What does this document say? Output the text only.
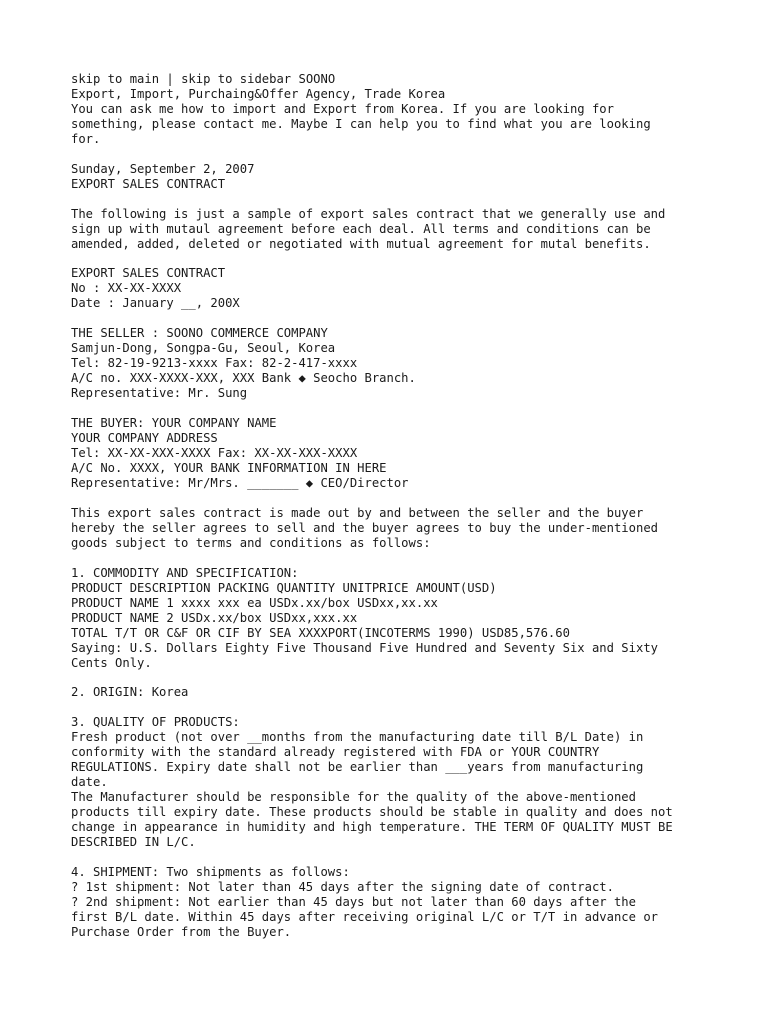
skip to main | skip to sidebar SOONO
Export, Import, Purchaing&Offer Agency, Trade Korea
You can ask me how to import and Export from Korea. If you are looking for
something, please contact me. Maybe I can help you to find what you are looking
for.
Sunday, September 2, 2007
EXPORT SALES CONTRACT
The following is just a sample of export sales contract that we generally use and
sign up with mutaul agreement before each deal. All terms and conditions can be
amended, added, deleted or negotiated with mutual agreement for mutal benefits.
EXPORT SALES CONTRACT
No : XX-XX-XXXX
Date : January __, 200X
THE SELLER : SOONO COMMERCE COMPANY
Samjun-Dong, Songpa-Gu, Seoul, Korea
Tel: 82-19-9213-xxxx Fax: 82-2-417-xxxx
A/C no. XXX-XXXX-XXX, XXX Bank ◆ Seocho Branch.
Representative: Mr. Sung
THE BUYER: YOUR COMPANY NAME
YOUR COMPANY ADDRESS
Tel: XX-XX-XXX-XXXX Fax: XX-XX-XXX-XXXX
A/C No. XXXX, YOUR BANK INFORMATION IN HERE
Representative: Mr/Mrs. _______ ◆ CEO/Director
This export sales contract is made out by and between the seller and the buyer
hereby the seller agrees to sell and the buyer agrees to buy the under-mentioned
goods subject to terms and conditions as follows:
1. COMMODITY AND SPECIFICATION:
PRODUCT DESCRIPTION PACKING QUANTITY UNITPRICE AMOUNT(USD)
PRODUCT NAME 1 xxxx xxx ea USDx.xx/box USDxx,xx.xx
PRODUCT NAME 2 USDx.xx/box USDxx,xxx.xx
TOTAL T/T OR C&F OR CIF BY SEA XXXXPORT(INCOTERMS 1990) USD85,576.60
Saying: U.S. Dollars Eighty Five Thousand Five Hundred and Seventy Six and Sixty
Cents Only.
2. ORIGIN: Korea
3. QUALITY OF PRODUCTS:
Fresh product (not over __months from the manufacturing date till B/L Date) in
conformity with the standard already registered with FDA or YOUR COUNTRY
REGULATIONS. Expiry date shall not be earlier than ___years from manufacturing
date.
The Manufacturer should be responsible for the quality of the above-mentioned
products till expiry date. These products should be stable in quality and does not
change in appearance in humidity and high temperature. THE TERM OF QUALITY MUST BE
DESCRIBED IN L/C.
4. SHIPMENT: Two shipments as follows:
? 1st shipment: Not later than 45 days after the signing date of contract.
? 2nd shipment: Not earlier than 45 days but not later than 60 days after the
first B/L date. Within 45 days after receiving original L/C or T/T in advance or
Purchase Order from the Buyer.
